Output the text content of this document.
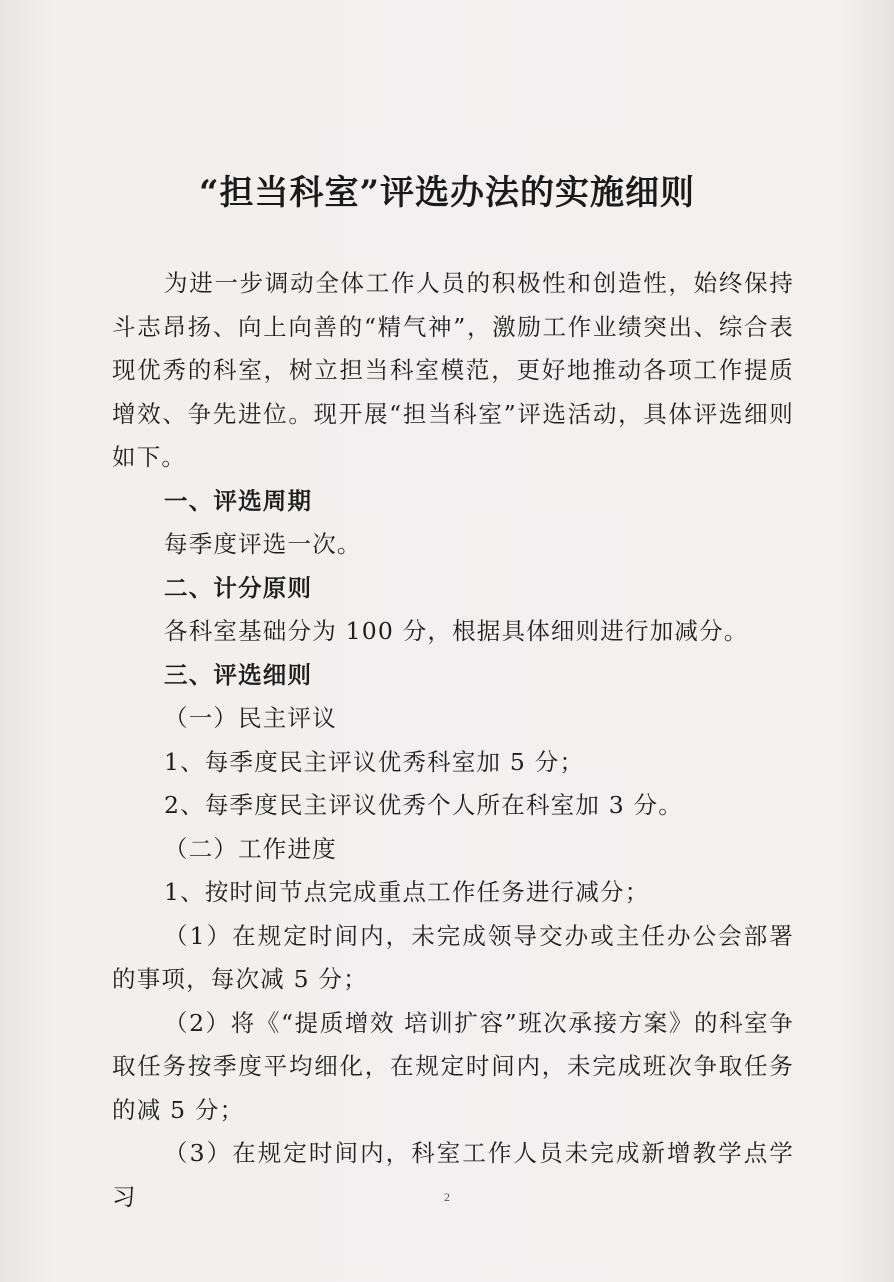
“担当科室”评选办法的实施细则

为进一步调动全体工作人员的积极性和创造性，始终保持斗志昂扬、向上向善的“精气神”，激励工作业绩突出、综合表现优秀的科室，树立担当科室模范，更好地推动各项工作提质增效、争先进位。现开展“担当科室”评选活动，具体评选细则如下。

一、评选周期

每季度评选一次。

二、计分原则

各科室基础分为 100 分，根据具体细则进行加减分。

三、评选细则

（一）民主评议

1、每季度民主评议优秀科室加 5 分；

2、每季度民主评议优秀个人所在科室加 3 分。

（二）工作进度

1、按时间节点完成重点工作任务进行减分；

（1）在规定时间内，未完成领导交办或主任办公会部署的事项，每次减 5 分；

（2）将《“提质增效 培训扩容”班次承接方案》的科室争取任务按季度平均细化，在规定时间内，未完成班次争取任务的减 5 分；

（3）在规定时间内，科室工作人员未完成新增教学点学习	2
